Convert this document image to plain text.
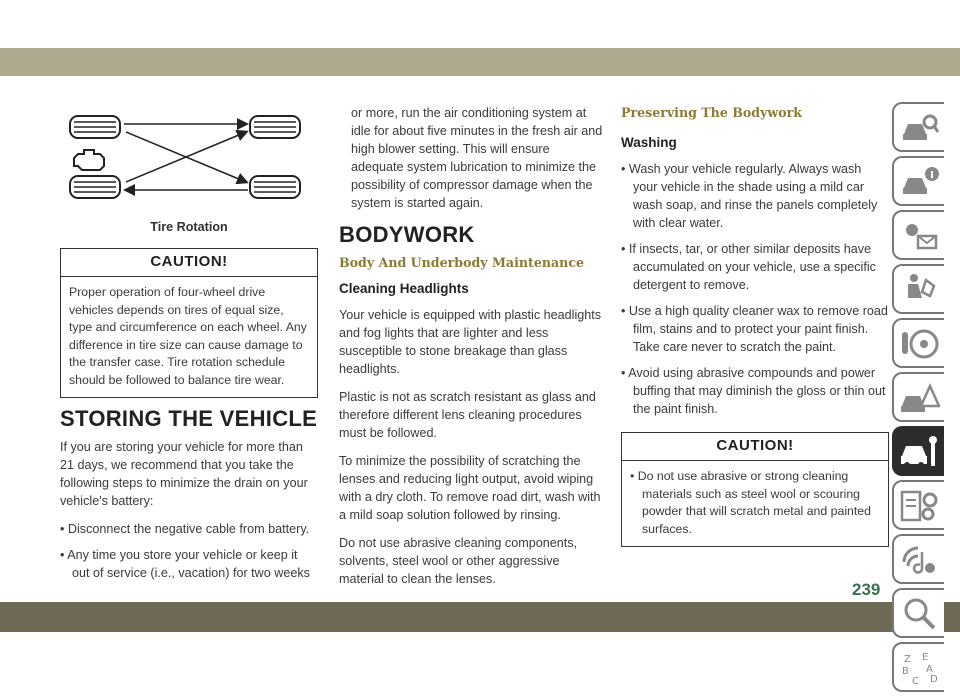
Tire Rotation
CAUTION!
Proper operation of four-wheel drive vehicles depends on tires of equal size, type and circumference on each wheel. Any difference in tire size can cause damage to the transfer case. Tire rotation schedule should be followed to balance tire wear.
STORING THE VEHICLE

If you are storing your vehicle for more than 21 days, we recommend that you take the following steps to minimize the drain on your vehicle's battery:

• Disconnect the negative cable from battery.

• Any time you store your vehicle or keep it out of service (i.e., vacation) for two weeks

or more, run the air conditioning system at idle for about five minutes in the fresh air and high blower setting. This will ensure adequate system lubrication to minimize the possibility of compressor damage when the system is started again.

BODYWORK
Body And Underbody Maintenance
Cleaning Headlights

Your vehicle is equipped with plastic headlights and fog lights that are lighter and less susceptible to stone breakage than glass headlights.

Plastic is not as scratch resistant as glass and therefore different lens cleaning procedures must be followed.

To minimize the possibility of scratching the lenses and reducing light output, avoid wiping with a dry cloth. To remove road dirt, wash with a mild soap solution followed by rinsing.

Do not use abrasive cleaning components, solvents, steel wool or other aggressive material to clean the lenses.

Preserving The Bodywork
Washing

• Wash your vehicle regularly. Always wash your vehicle in the shade using a mild car wash soap, and rinse the panels completely with clear water.

• If insects, tar, or other similar deposits have accumulated on your vehicle, use a specific detergent to remove.

• Use a high quality cleaner wax to remove road film, stains and to protect your paint finish. Take care never to scratch the paint.

• Avoid using abrasive compounds and power buffing that may diminish the gloss or thin out the paint finish.

CAUTION!

• Do not use abrasive or strong cleaning materials such as steel wool or scouring powder that will scratch metal and painted surfaces.

Z E
B A
C D
239
